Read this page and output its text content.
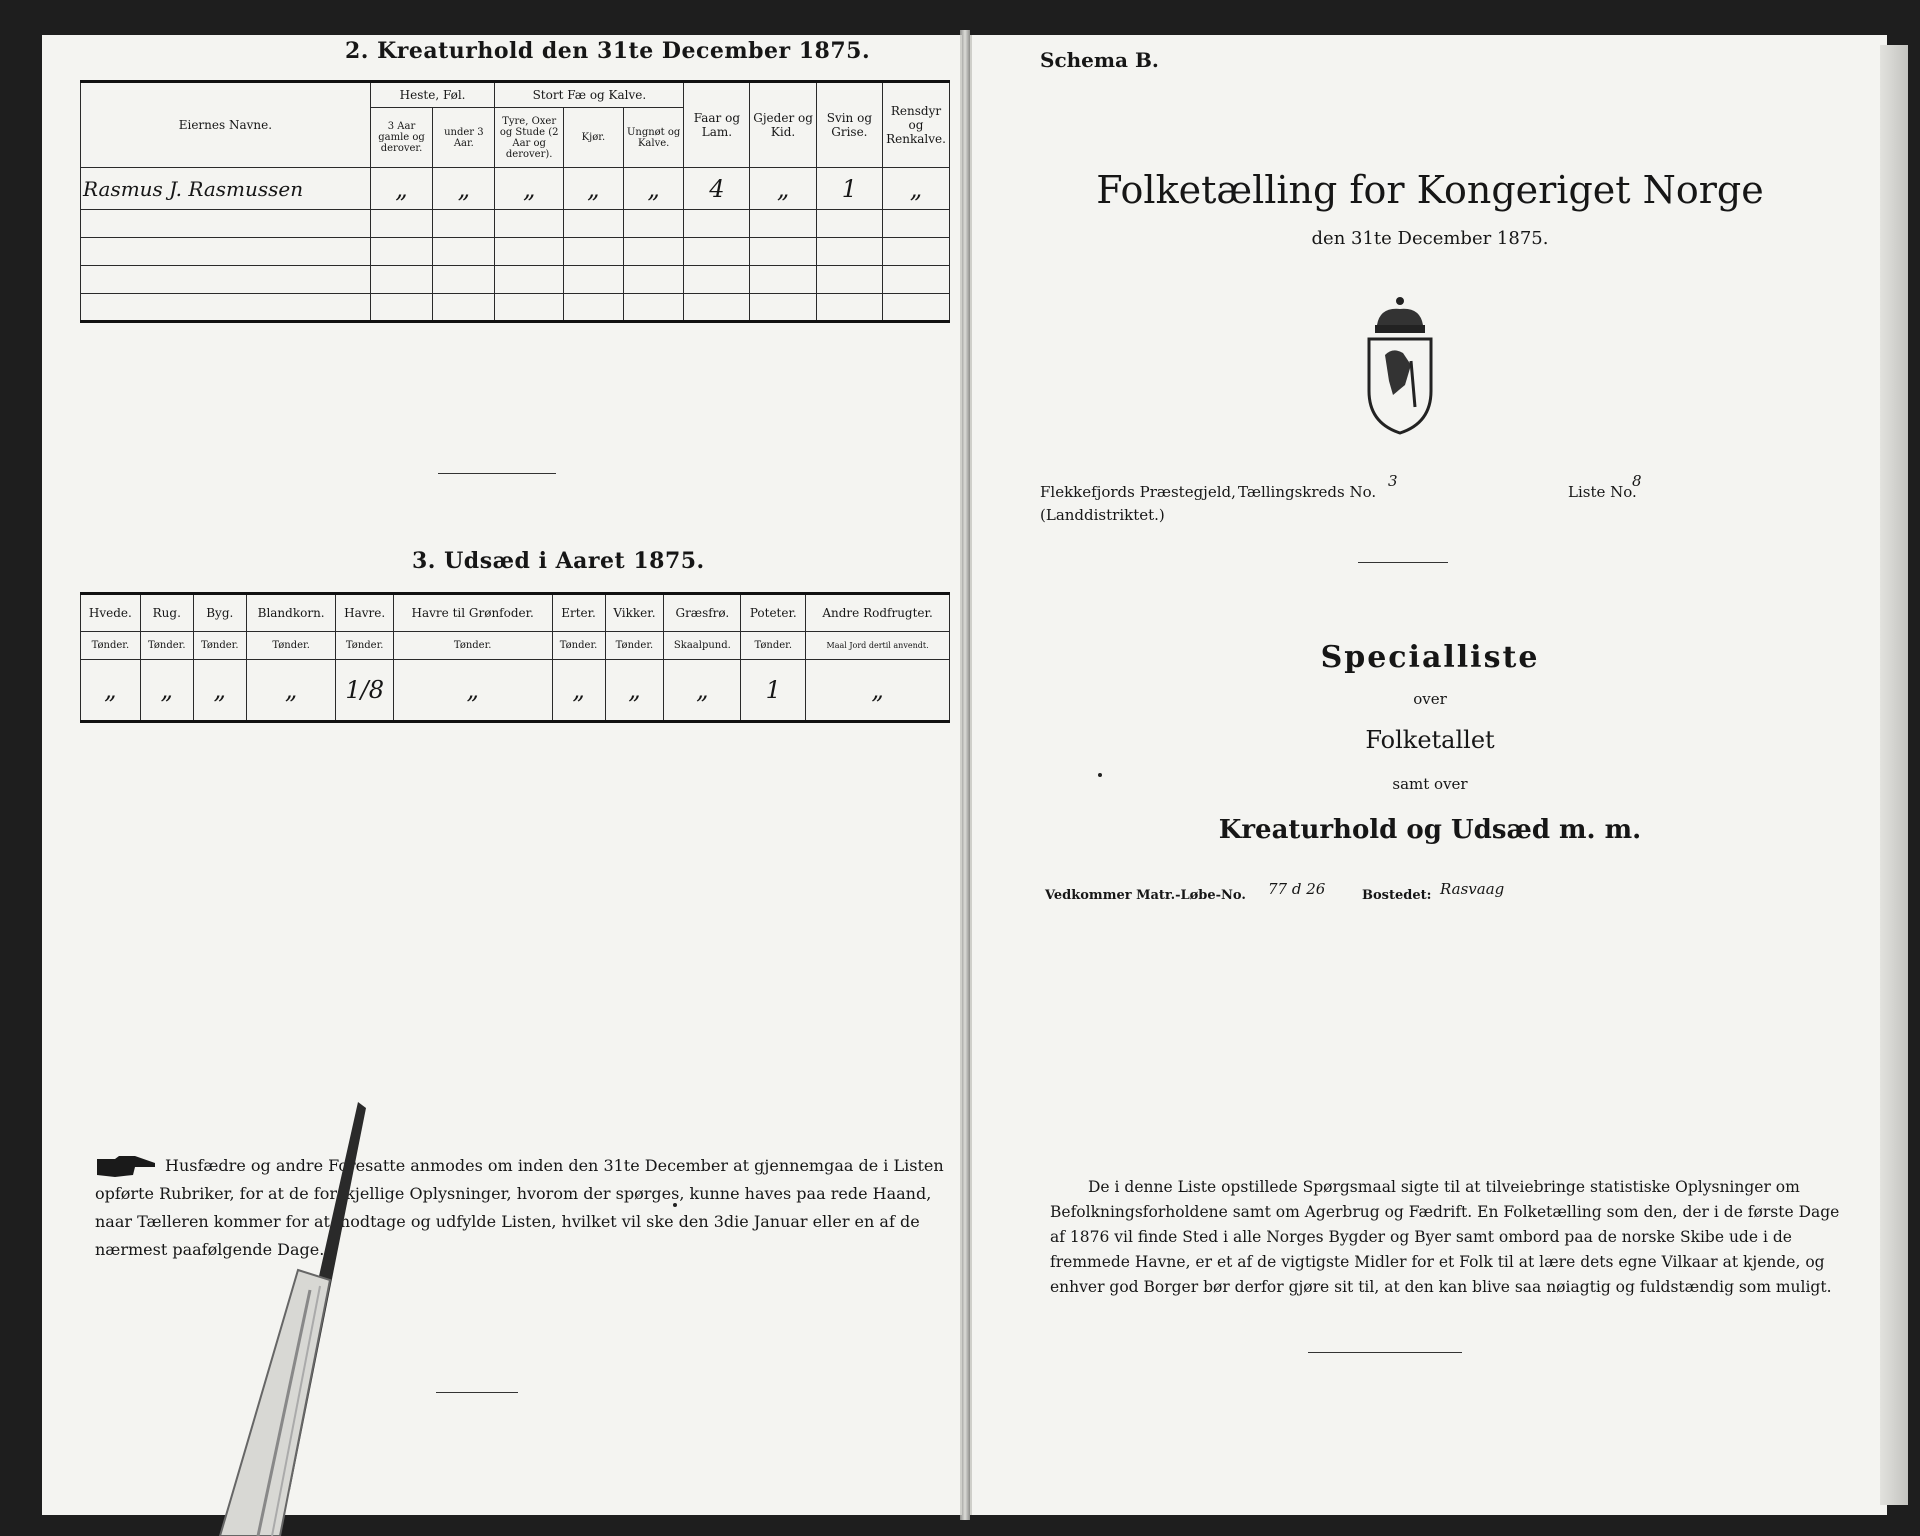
2. Kreaturhold den 31te December 1875.
Eiernes Navne.	Heste, Føl.		Stort Fæ og Kalve.			Faar og Lam.	Gjeder og Kid.	Svin og Grise.	Rensdyr og Renkalve.
	3 Aar gamle og derover.	under 3 Aar.	Tyre, Oxer og Stude (2 Aar og derover).	Kjør.	Ungnøt og Kalve.				
Rasmus J. Rasmussen	„	„	„	„	„	4	„	1	„

3. Udsæd i Aaret 1875.
Hvede.	Rug.	Byg.	Blandkorn.	Havre.	Havre til Grønfoder.	Erter.	Vikker.	Græsfrø.	Poteter.	Andre Rodfrugter.
Tønder.	Tønder.	Tønder.	Tønder.	Tønder.	Tønder.	Tønder.	Tønder.	Skaalpund.	Tønder.	Maal Jord dertil anvendt.
„	„	„	„	1/8	„	„	„	„	1	„
Husfædre og andre Foresatte anmodes om inden den 31te December at gjennemgaa de i Listen opførte Rubriker, for at de forskjellige Oplysninger, hvorom der spørges, kunne haves paa rede Haand, naar Tælleren kommer for at modtage og udfylde Listen, hvilket vil ske den 3die Januar eller en af de nærmest paafølgende Dage.
Schema B.
Folketælling for Kongeriget Norge
den 31te December 1875.
Flekkefjords Præstegjeld,
(Landdistriktet.)
Tællingskreds No.
3
Liste No.
8
Specialliste
over
Folketallet
samt over
Kreaturhold og Udsæd m. m.
Vedkommer Matr.-Løbe-No. 77 d 26	Bostedet: Rasvaag
De i denne Liste opstillede Spørgsmaal sigte til at tilveiebringe statistiske Oplysninger om Befolkningsforholdene samt om Agerbrug og Fædrift. En Folketælling som den, der i de første Dage af 1876 vil finde Sted i alle Norges Bygder og Byer samt ombord paa de norske Skibe ude i de fremmede Havne, er et af de vigtigste Midler for et Folk til at lære dets egne Vilkaar at kjende, og enhver god Borger bør derfor gjøre sit til, at den kan blive saa nøiagtig og fuldstændig som muligt.
